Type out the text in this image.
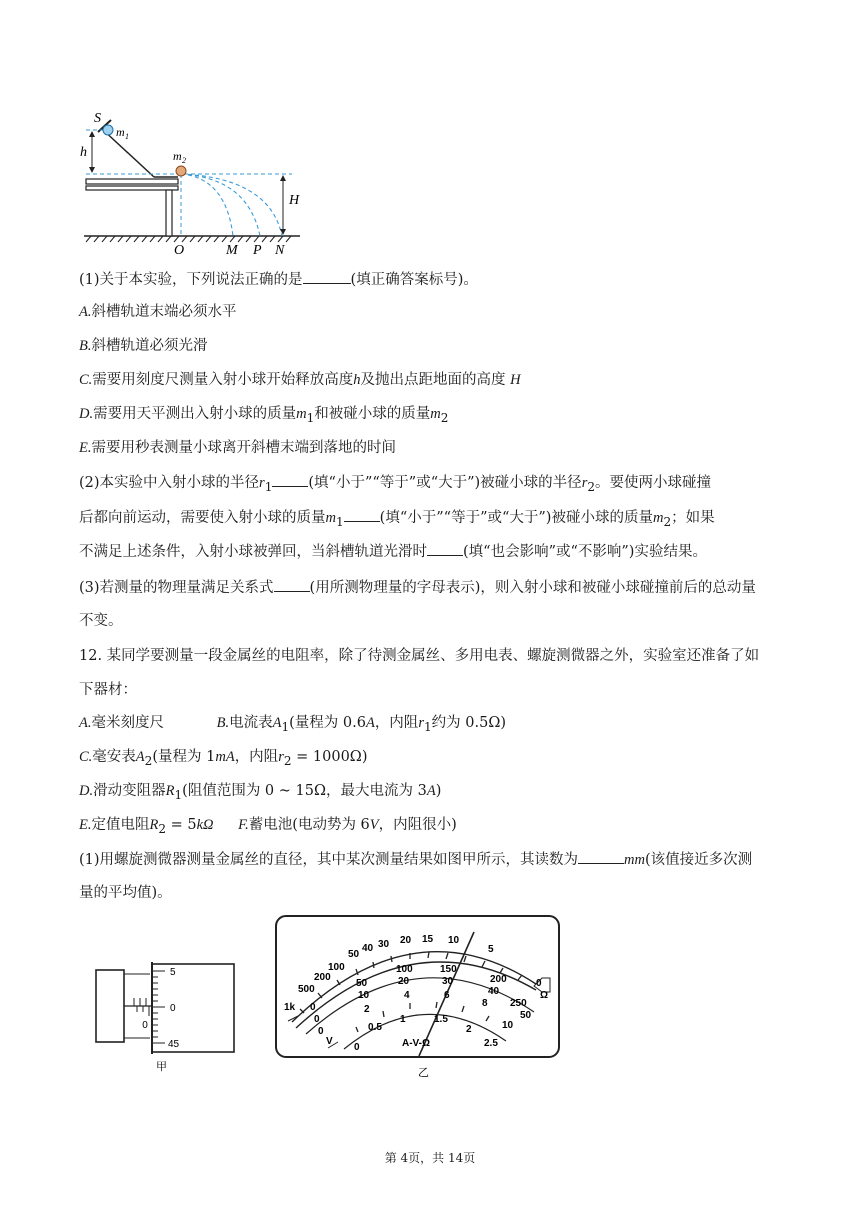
S
m 1
m 2
h
H
O	M P N
(1)关于本实验，下列说法正确的是	(填正确答案标号)。
A.斜槽轨道末端必须水平
B.斜槽轨道必须光滑
C.需要用刻度尺测量入射小球开始释放高度h及抛出点距地面的高度 H
D.需要用天平测出入射小球的质量$m_1$和被碰小球的质量$m_2$
E.需要用秒表测量小球离开斜槽末端到落地的时间
(2)本实验中入射小球的半径$r_1$ (填“小于”“等于”或“大于”)被碰小球的半径$r_2$。要使两小球碰撞
后都向前运动，需要使入射小球的质量$m_1$ (填“小于”“等于”或“大于”)被碰小球的质量$m_2$；如果
不满足上述条件，入射小球被弹回，当斜槽轨道光滑时 (填“也会影响”或“不影响”)实验结果。
(3)若测量的物理量满足关系式 (用所测物理量的字母表示)，则入射小球和被碰小球碰撞前后的总动量
不变。
12. 某同学要测量一段金属丝的电阻率，除了待测金属丝、多用电表、螺旋测微器之外，实验室还准备了如
下器材：
A.毫米刻度尺	B.电流表$A_1$(量程为 0.6A，内阻$r_1$约为 0.5Ω)
C.毫安表$A_2$(量程为 1mA，内阻$r_2 = 1000\Omega$)
D.滑动变阻器$R_1$(阻值范围为 0 ~ 15Ω，最大电流为 3A)
E.定值电阻$R_2 = 5k\Omega$ F.蓄电池(电动势为 6V，内阻很小)
(1)用螺旋测微器测量金属丝的直径，其中某次测量结果如图甲所示，其读数为	mm(该值接近多次测
量的平均值)。
0
5
0
45
甲
1k
500
200
100
50
40 30 20 15 10
5
0
0
50
100	150
200
250
0
10
20	30
40
50
0
2
4	6
8
10
0
0.5
1	1.5
2
2.5
V
Ω
A-V-Ω
乙
第 4页，共 14页
